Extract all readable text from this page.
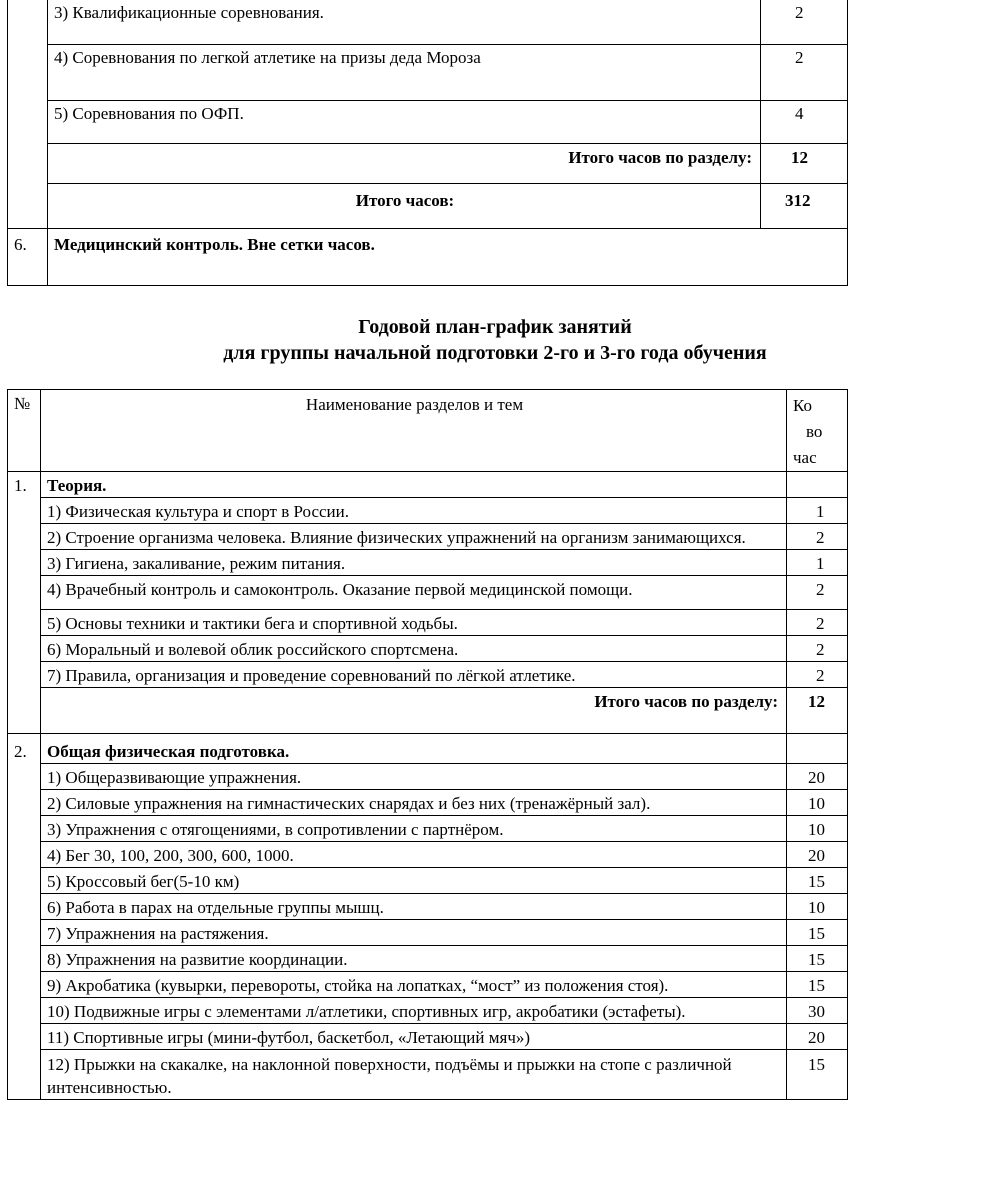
	3) Квалификационные соревнования.	2
	4) Соревнования по легкой атлетике на призы деда Мороза	2
	5) Соревнования по ОФП.	4
	Итого часов по разделу:	12
	Итого часов:	312
6.	Медицинский контроль. Вне сетки часов.	
Годовой план-график занятий
для группы начальной подготовки 2-го и 3-го года обучения
№	Наименование разделов и тем	Ко
во
час

1.	Теория.	
	1) Физическая культура и спорт в России.	1
	2) Строение организма человека. Влияние физических упражнений на организм занимающихся.	2
	3) Гигиена, закаливание, режим питания.	1
	4) Врачебный контроль и самоконтроль. Оказание первой медицинской помощи.	2
	5) Основы техники и тактики бега и спортивной ходьбы.	2
	6) Моральный и волевой облик российского спортсмена.	2
	7) Правила, организация и проведение соревнований по лёгкой атлетике.	2
	Итого часов по разделу:	12
2.	Общая физическая подготовка.	
	1) Общеразвивающие упражнения.	20
	2) Силовые упражнения на гимнастических снарядах и без них (тренажёрный зал).	10
	3) Упражнения с отягощениями, в сопротивлении с партнёром.	10
	4) Бег 30, 100, 200, 300, 600, 1000.	20
	5) Кроссовый бег(5-10 км)	15
	6) Работа в парах на отдельные группы мышц.	10
	7) Упражнения на растяжения.	15
	8) Упражнения на развитие координации.	15
	9) Акробатика (кувырки, перевороты, стойка на лопатках, “мост” из положения стоя).	15
	10) Подвижные игры с элементами л/атлетики, спортивных игр, акробатики (эстафеты).	30
	11) Спортивные игры (мини-футбол, баскетбол, «Летающий мяч»)	20
	12) Прыжки на скакалке, на наклонной поверхности, подъёмы и прыжки на стопе с различной интенсивностью.	15
